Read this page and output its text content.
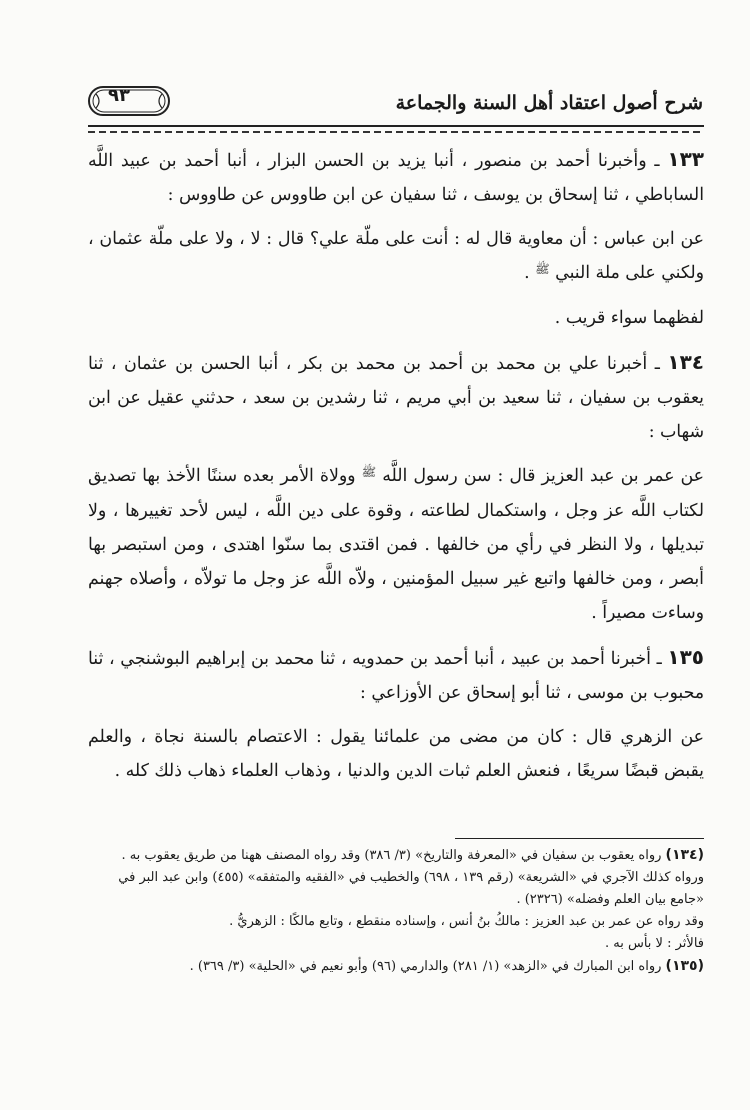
شرح أصول اعتقاد أهل السنة والجماعة
٩٣

١٣٣ ـ وأخبرنا أحمد بن منصور ، أنبا يزيد بن الحسن البزار ، أنبا أحمد بن عبيد اللَّه الساباطي ، ثنا إسحاق بن يوسف ، ثنا سفيان عن ابن طاووس عن طاووس :

عن ابن عباس : أن معاوية قال له : أنت على ملّة علي؟ قال : لا ، ولا على ملّة عثمان ، ولكني على ملة النبي $^ﷺ$ .

لفظهما سواء قريب .

١٣٤ ـ أخبرنا علي بن محمد بن أحمد بن محمد بن بكر ، أنبا الحسن بن عثمان ، ثنا يعقوب بن سفيان ، ثنا سعيد بن أبي مريم ، ثنا رشدين بن سعد ، حدثني عقيل عن ابن شهاب :

عن عمر بن عبد العزيز قال : سن رسول اللَّه $^ﷺ$ وولاة الأمر بعده سننًا الأخذ بها تصديق لكتاب اللَّه عز وجل ، واستكمال لطاعته ، وقوة على دين اللَّه ، ليس لأحد تغييرها ، ولا تبديلها ، ولا النظر في رأي من خالفها . فمن اقتدى بما سنّوا اهتدى ، ومن استبصر بها أبصر ، ومن خالفها واتبع غير سبيل المؤمنين ، ولاّه اللَّه عز وجل ما تولاّه ، وأصلاه جهنم وساءت مصيراً .

١٣٥ ـ أخبرنا أحمد بن عبيد ، أنبا أحمد بن حمدويه ، ثنا محمد بن إبراهيم البوشنجي ، ثنا محبوب بن موسى ، ثنا أبو إسحاق عن الأوزاعي :

عن الزهري قال : كان من مضى من علمائنا يقول : الاعتصام بالسنة نجاة ، والعلم يقبض قبضًا سريعًا ، فنعش العلم ثبات الدين والدنيا ، وذهاب العلماء ذهاب ذلك كله .

(١٣٤) رواه يعقوب بن سفيان في «المعرفة والتاريخ» (٣/ ٣٨٦) وقد رواه المصنف ههنا من طريق يعقوب به .

ورواه كذلك الآجري في «الشريعة» (رقم ١٣٩ ، ٦٩٨) والخطيب في «الفقيه والمتفقه» (٤٥٥) وابن عبد البر في «جامع بيان العلم وفضله» (٢٣٢٦) .

وقد رواه عن عمر بن عبد العزيز : مالكُ بنُ أنس ، وإسناده منقطع ، وتابع مالكًا : الزهريُّ .

فالأثر : لا بأس به .

(١٣٥) رواه ابن المبارك في «الزهد» (١/ ٢٨١) والدارمي (٩٦) وأبو نعيم في «الحلية» (٣/ ٣٦٩) .
